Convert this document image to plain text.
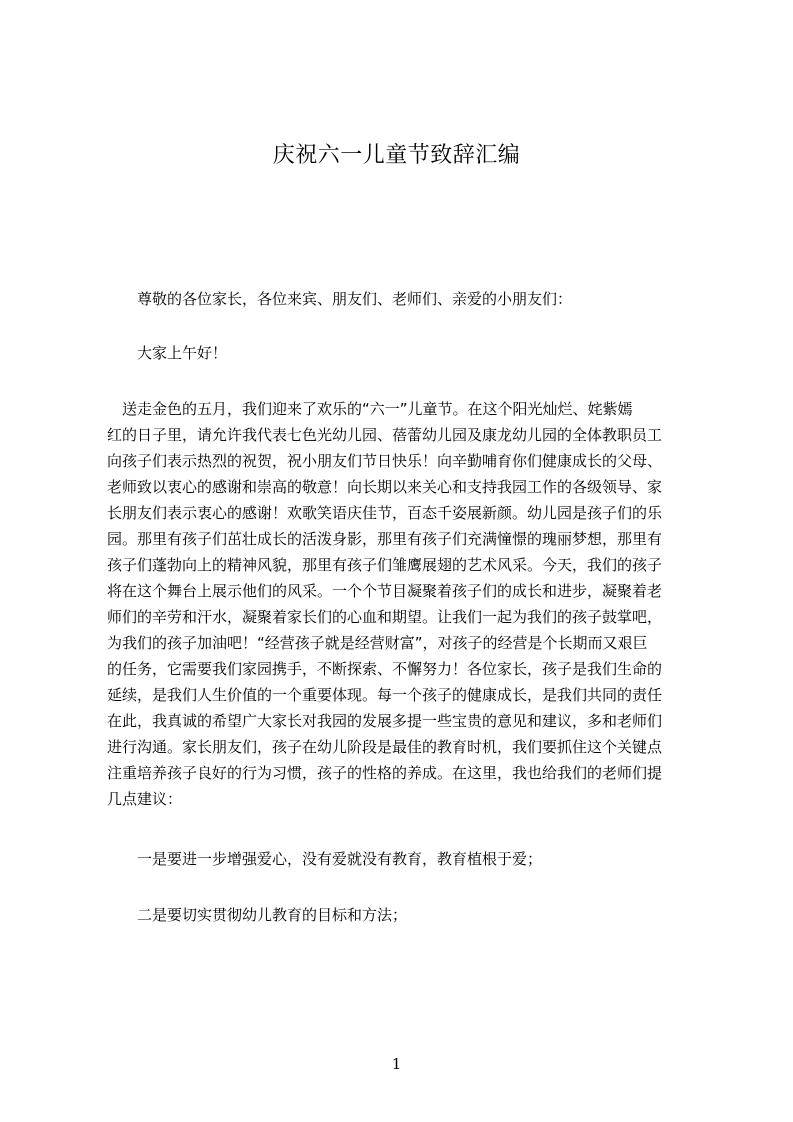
庆祝六一儿童节致辞汇编
尊敬的各位家长，各位来宾、朋友们、老师们、亲爱的小朋友们：
大家上午好！
　送走金色的五月，我们迎来了欢乐的“六一”儿童节。在这个阳光灿烂、姹紫嫣
红的日子里，请允许我代表七色光幼儿园、蓓蕾幼儿园及康龙幼儿园的全体教职员工
向孩子们表示热烈的祝贺，祝小朋友们节日快乐！向辛勤哺育你们健康成长的父母、
老师致以衷心的感谢和崇高的敬意！向长期以来关心和支持我园工作的各级领导、家
长朋友们表示衷心的感谢！欢歌笑语庆佳节，百态千姿展新颜。幼儿园是孩子们的乐
园。那里有孩子们茁壮成长的活泼身影，那里有孩子们充满憧憬的瑰丽梦想，那里有
孩子们蓬勃向上的精神风貌，那里有孩子们雏鹰展翅的艺术风采。今天，我们的孩子
将在这个舞台上展示他们的风采。一个个节目凝聚着孩子们的成长和进步，凝聚着老
师们的辛劳和汗水，凝聚着家长们的心血和期望。让我们一起为我们的孩子鼓掌吧，
为我们的孩子加油吧！“经营孩子就是经营财富”，对孩子的经营是个长期而又艰巨
的任务，它需要我们家园携手，不断探索、不懈努力！各位家长，孩子是我们生命的
延续，是我们人生价值的一个重要体现。每一个孩子的健康成长，是我们共同的责任
在此，我真诚的希望广大家长对我园的发展多提一些宝贵的意见和建议，多和老师们
进行沟通。家长朋友们，孩子在幼儿阶段是最佳的教育时机，我们要抓住这个关键点
注重培养孩子良好的行为习惯，孩子的性格的养成。在这里，我也给我们的老师们提
几点建议：
一是要进一步增强爱心，没有爱就没有教育，教育植根于爱；
二是要切实贯彻幼儿教育的目标和方法；
1
